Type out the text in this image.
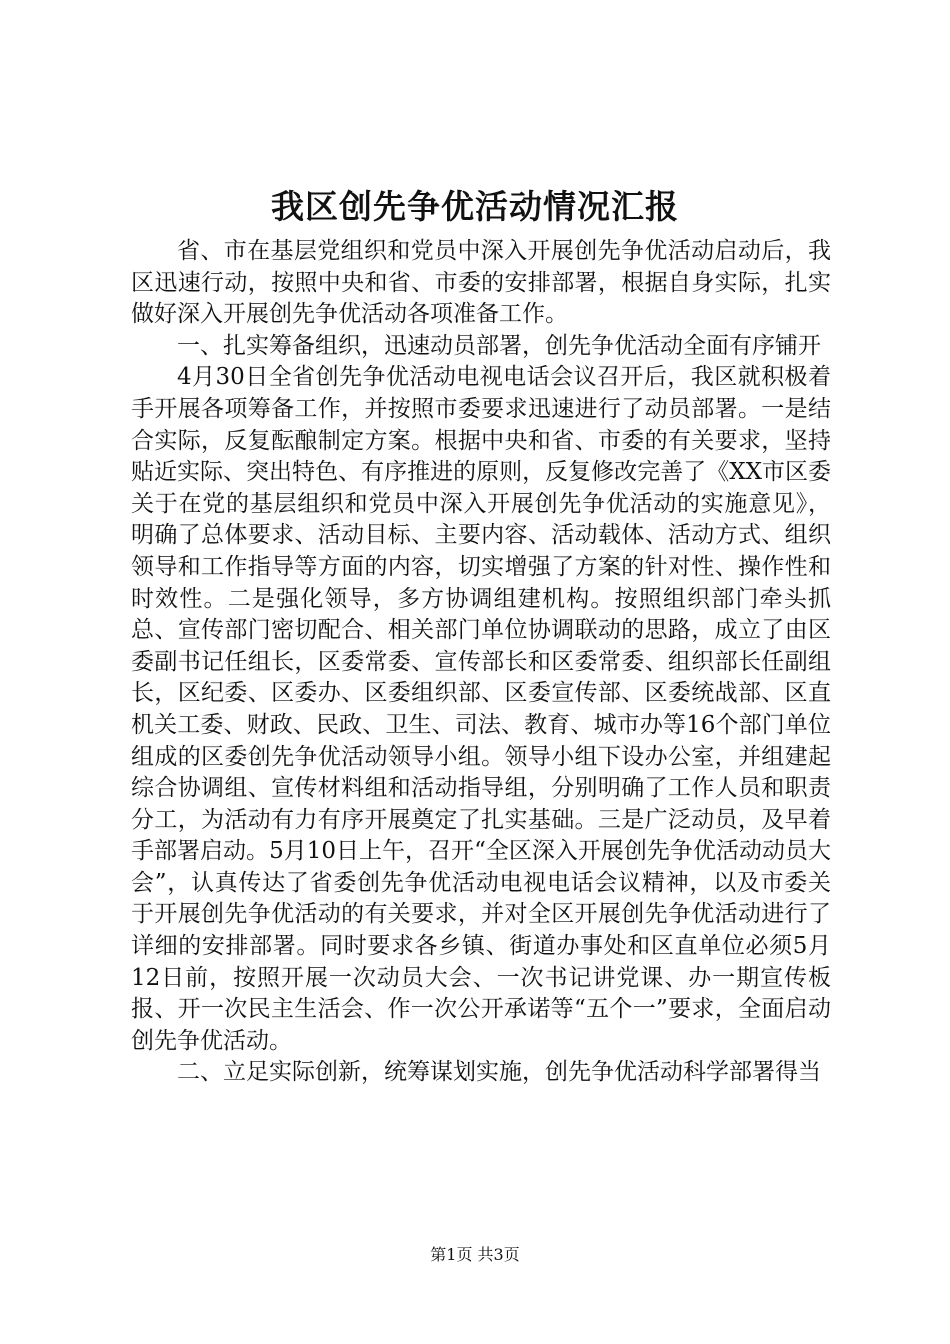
我区创先争优活动情况汇报

省、市在基层党组织和党员中深入开展创先争优活动启动后，我区迅速行动，按照中央和省、市委的安排部署，根据自身实际，扎实做好深入开展创先争优活动各项准备工作。

一、扎实筹备组织，迅速动员部署，创先争优活动全面有序铺开

4月30日全省创先争优活动电视电话会议召开后，我区就积极着手开展各项筹备工作，并按照市委要求迅速进行了动员部署。一是结合实际，反复酝酿制定方案。根据中央和省、市委的有关要求，坚持贴近实际、突出特色、有序推进的原则，反复修改完善了《XX市区委关于在党的基层组织和党员中深入开展创先争优活动的实施意见》，明确了总体要求、活动目标、主要内容、活动载体、活动方式、组织领导和工作指导等方面的内容，切实增强了方案的针对性、操作性和时效性。二是强化领导，多方协调组建机构。按照组织部门牵头抓总、宣传部门密切配合、相关部门单位协调联动的思路，成立了由区委副书记任组长，区委常委、宣传部长和区委常委、组织部长任副组长，区纪委、区委办、区委组织部、区委宣传部、区委统战部、区直机关工委、财政、民政、卫生、司法、教育、城市办等16个部门单位组成的区委创先争优活动领导小组。领导小组下设办公室，并组建起综合协调组、宣传材料组和活动指导组，分别明确了工作人员和职责分工，为活动有力有序开展奠定了扎实基础。三是广泛动员，及早着手部署启动。5月10日上午，召开“全区深入开展创先争优活动动员大会”，认真传达了省委创先争优活动电视电话会议精神，以及市委关于开展创先争优活动的有关要求，并对全区开展创先争优活动进行了详细的安排部署。同时要求各乡镇、街道办事处和区直单位必须5月12日前，按照开展一次动员大会、一次书记讲党课、办一期宣传板报、开一次民主生活会、作一次公开承诺等“五个一”要求，全面启动创先争优活动。

二、立足实际创新，统筹谋划实施，创先争优活动科学部署得当

第1页 共3页
